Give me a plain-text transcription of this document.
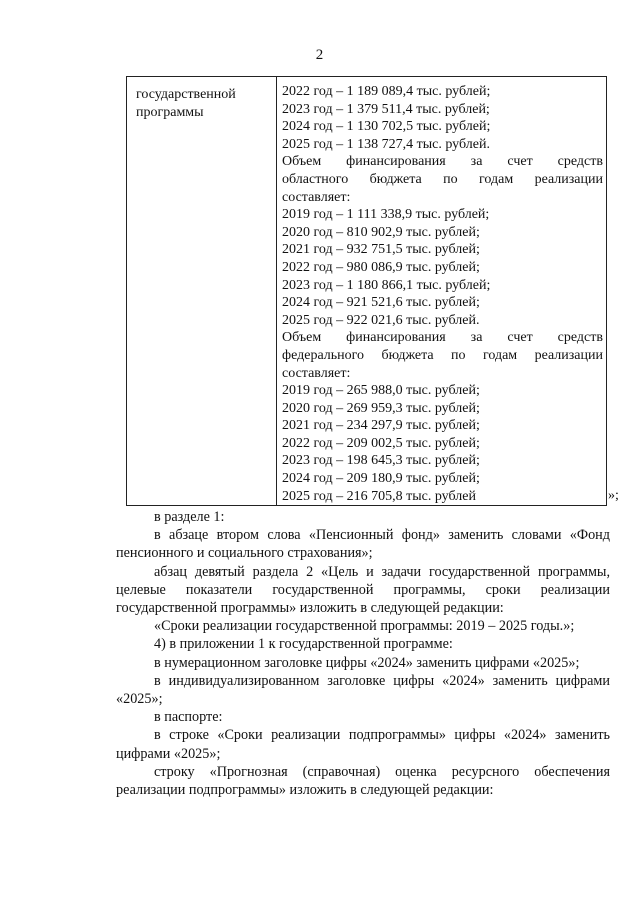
2
государственной
программы
2022 год – 1 189 089,4 тыс. рублей;
2023 год – 1 379 511,4 тыс. рублей;
2024 год – 1 130 702,5 тыс. рублей;
2025 год – 1 138 727,4 тыс. рублей.
Объем финансирования за счет средств
областного бюджета по годам реализации
составляет:
2019 год – 1 111 338,9 тыс. рублей;
2020 год – 810 902,9 тыс. рублей;
2021 год – 932 751,5 тыс. рублей;
2022 год – 980 086,9 тыс. рублей;
2023 год – 1 180 866,1 тыс. рублей;
2024 год – 921 521,6 тыс. рублей;
2025 год – 922 021,6 тыс. рублей.
Объем финансирования за счет средств
федерального бюджета по годам реализации
составляет:
2019 год – 265 988,0 тыс. рублей;
2020 год – 269 959,3 тыс. рублей;
2021 год – 234 297,9 тыс. рублей;
2022 год – 209 002,5 тыс. рублей;
2023 год – 198 645,3 тыс. рублей;
2024 год – 209 180,9 тыс. рублей;
2025 год – 216 705,8 тыс. рублей	»;

в разделе 1:

в абзаце втором слова «Пенсионный фонд» заменить словами «Фонд пенсионного и социального страхования»;

абзац девятый раздела 2 «Цель и задачи государственной программы, целевые показатели государственной программы, сроки реализации государственной программы» изложить в следующей редакции:

«Сроки реализации государственной программы: 2019 – 2025 годы.»;

4) в приложении 1 к государственной программе:

в нумерационном заголовке цифры «2024» заменить цифрами «2025»;

в индивидуализированном заголовке цифры «2024» заменить цифрами «2025»;

в паспорте:

в строке «Сроки реализации подпрограммы» цифры «2024» заменить цифрами «2025»;

строку «Прогнозная (справочная) оценка ресурсного обеспечения реализации подпрограммы» изложить в следующей редакции:
